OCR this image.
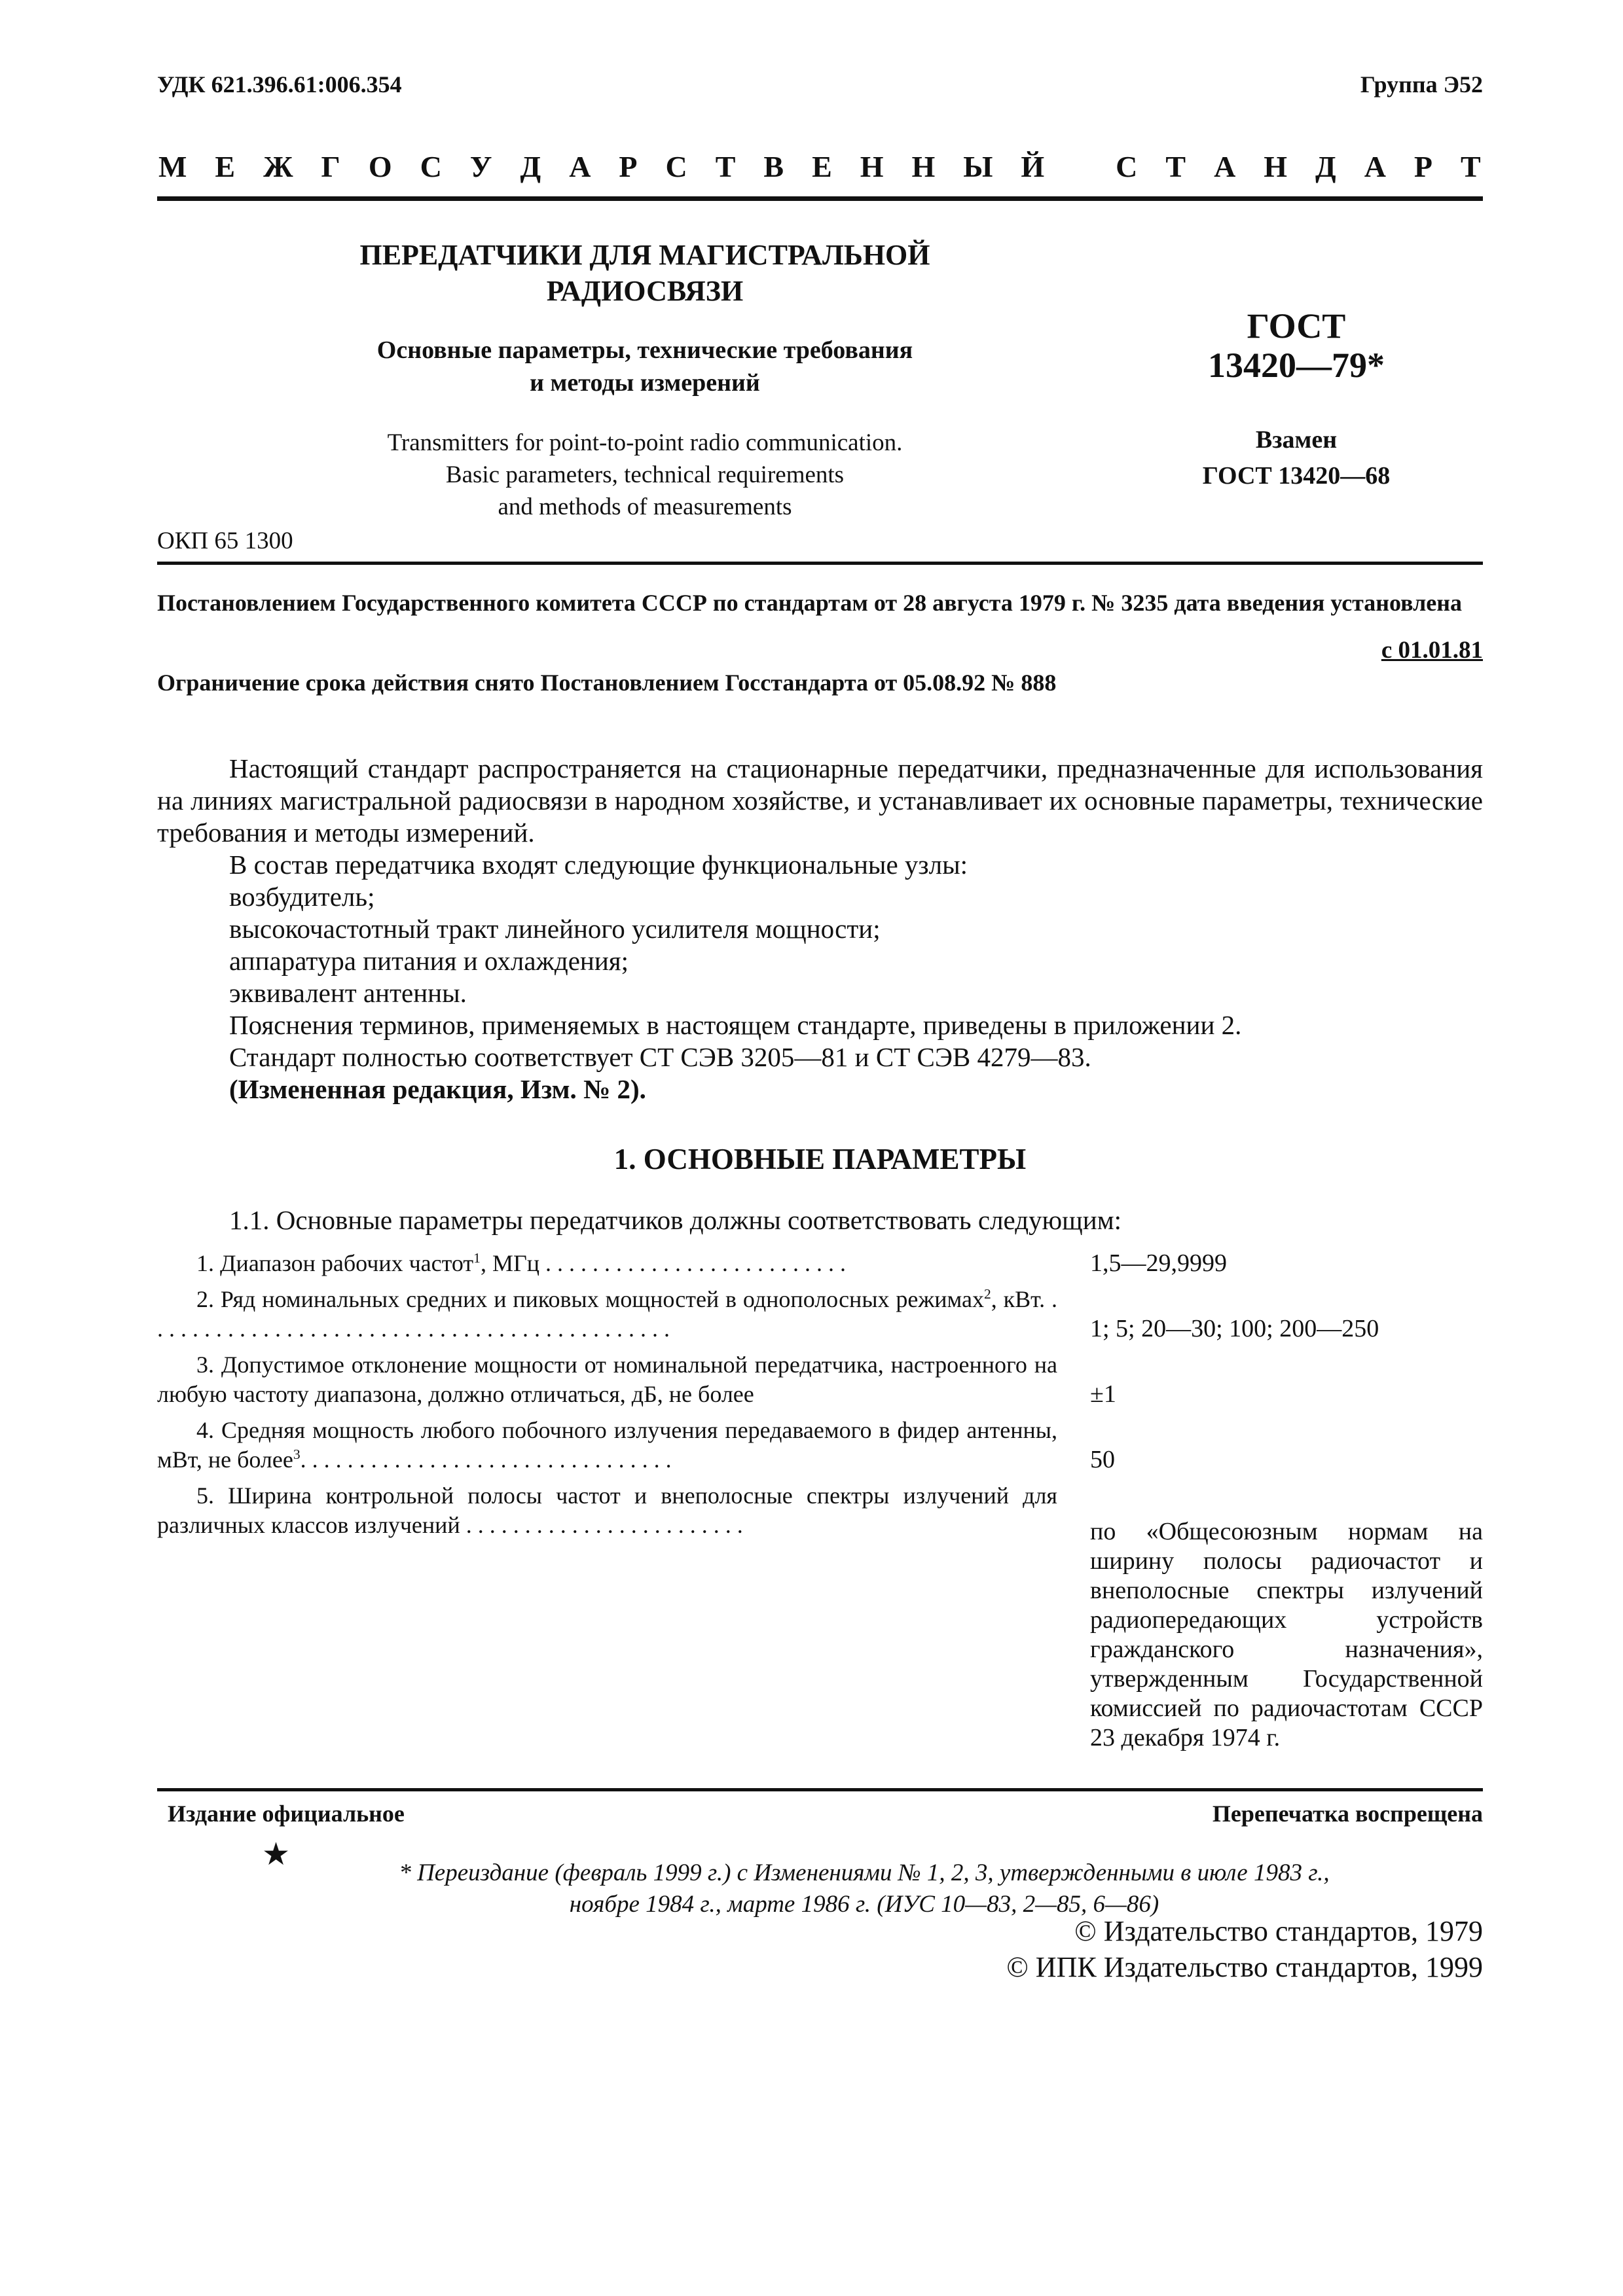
УДК 621.396.61:006.354	Группа Э52
М Е Ж Г О С У Д А Р С Т В Е Н Н Ы Й
С Т А Н Д А Р Т
ПЕРЕДАТЧИКИ ДЛЯ МАГИСТРАЛЬНОЙ
РАДИОСВЯЗИ
Основные параметры, технические требования
и методы измерений
Transmitters for point-to-point radio communication.
Basic parameters, technical requirements
and methods of measurements
ГОСТ
13420—79*
Взамен
ГОСТ 13420—68
ОКП 65 1300
Постановлением Государственного комитета СССР по стандартам от 28 августа 1979 г. № 3235 дата введения установлена
с 01.01.81
Ограничение срока действия снято Постановлением Госстандарта от 05.08.92 № 888

Настоящий стандарт распространяется на стационарные передатчики, предназначенные для использования на линиях магистральной радиосвязи в народном хозяйстве, и устанавливает их основные параметры, технические требования и методы измерений.

В состав передатчика входят следующие функциональные узлы:

возбудитель;

высокочастотный тракт линейного усилителя мощности;

аппаратура питания и охлаждения;

эквивалент антенны.

Пояснения терминов, применяемых в настоящем стандарте, приведены в приложении 2.

Стандарт полностью соответствует СТ СЭВ 3205—81 и СТ СЭВ 4279—83.

(Измененная редакция, Изм. № 2).

1. ОСНОВНЫЕ ПАРАМЕТРЫ
1.1. Основные параметры передатчиков должны соответствовать следующим:
1. Диапазон рабочих частот$^1$, МГц . . . . . . . . . . . . . . . . . . . . . . . . . .	1,5—29,9999
2. Ряд номинальных средних и пиковых мощностей в однополосных режимах$^2$, кВт. . . . . . . . . . . . . . . . . . . . . . . . . . . . . . . . . . . . . . . . . . . . . .	1; 5; 20—30; 100; 200—250
3. Допустимое отклонение мощности от номинальной передатчика, настроенного на любую частоту диапазона, должно отличаться, дБ, не более	±1
4. Средняя мощность любого побочного излучения передаваемого в фидер антенны, мВт, не более$^3$. . . . . . . . . . . . . . . . . . . . . . . . . . . . . . . .	50
5. Ширина контрольной полосы частот и внеполосные спектры излучений для различных классов излучений . . . . . . . . . . . . . . . . . . . . . . . .	по «Общесоюзным нормам на ширину полосы радиочастот и внеполосные спектры излучений радиопередающих устройств гражданского назначения», утвержденным Государственной комиссией по радиочастотам СССР 23 декабря 1974 г.
Издание официальное	Перепечатка воспрещена
★
* Переиздание (февраль 1999 г.) с Изменениями № 1, 2, 3, утвержденными в июле 1983 г.,
ноябре 1984 г., марте 1986 г. (ИУС 10—83, 2—85, 6—86)
© Издательство стандартов, 1979
© ИПК Издательство стандартов, 1999
